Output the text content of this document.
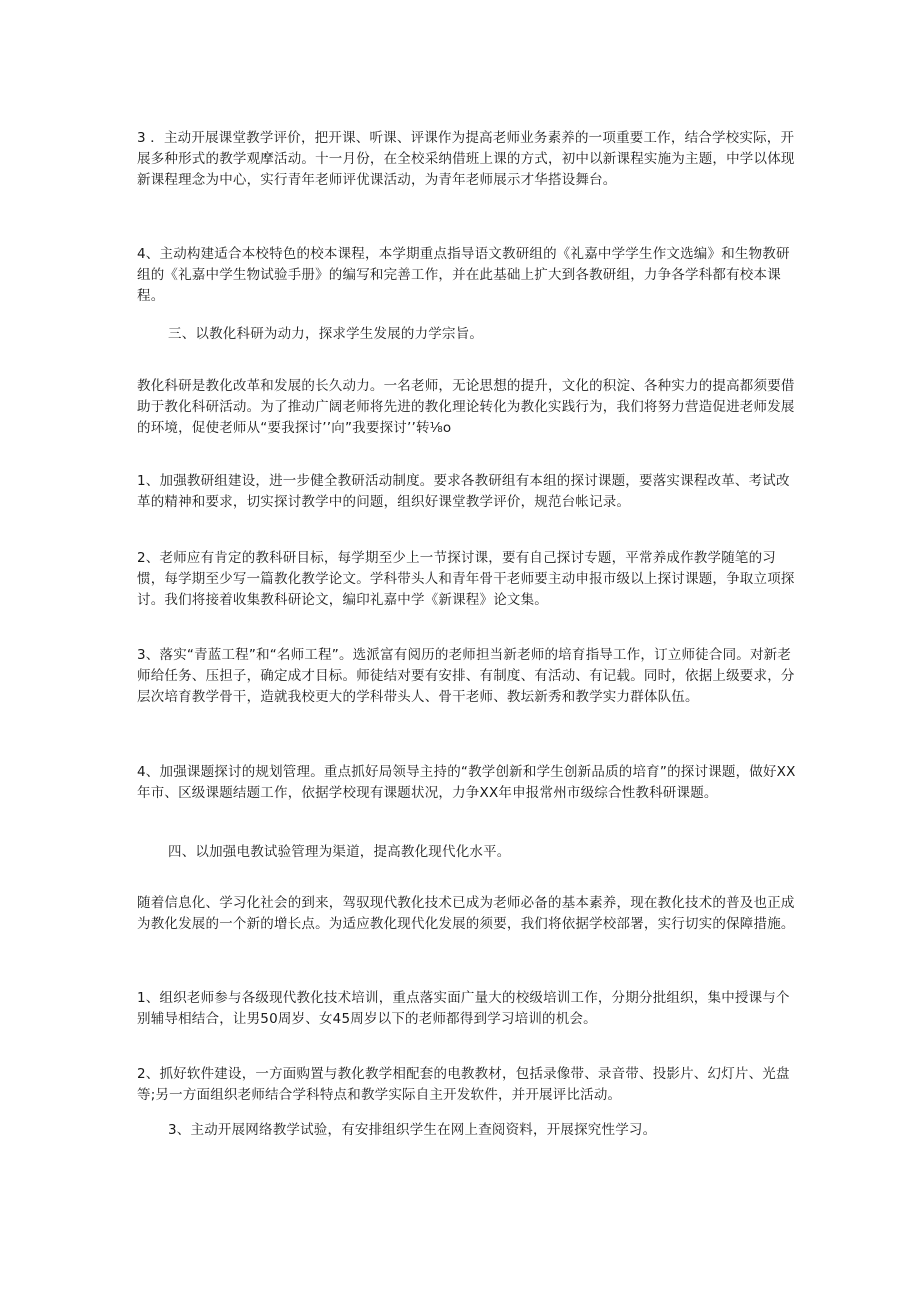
3 ．主动开展课堂教学评价，把开课、听课、评课作为提高老师业务素养的一项重要工作，结合学校实际，开展多种形式的教学观摩活动。十一月份，在全校采纳借班上课的方式，初中以新课程实施为主题，中学以体现新课程理念为中心，实行青年老师评优课活动，为青年老师展示才华搭设舞台。

4、主动构建适合本校特色的校本课程，本学期重点指导语文教研组的《礼嘉中学学生作文选编》和生物教研组的《礼嘉中学生物试验手册》的编写和完善工作，并在此基础上扩大到各教研组，力争各学科都有校本课程。

三、以教化科研为动力，探求学生发展的力学宗旨。

教化科研是教化改革和发展的长久动力。一名老师，无论思想的提升，文化的积淀、各种实力的提高都须要借助于教化科研活动。为了推动广阔老师将先进的教化理论转化为教化实践行为，我们将努力营造促进老师发展的环境，促使老师从“要我探讨’’向”我要探讨’’转⅛o

1、加强教研组建设，进一步健全教研活动制度。要求各教研组有本组的探讨课题，要落实课程改革、考试改革的精神和要求，切实探讨教学中的问题，组织好课堂教学评价，规范台帐记录。

2、老师应有肯定的教科研目标，每学期至少上一节探讨课，要有自己探讨专题，平常养成作教学随笔的习惯，每学期至少写一篇教化教学论文。学科带头人和青年骨干老师要主动申报市级以上探讨课题，争取立项探讨。我们将接着收集教科研论文，编印礼嘉中学《新课程》论文集。

3、落实“青蓝工程”和“名师工程”。选派富有阅历的老师担当新老师的培育指导工作，订立师徒合同。对新老师给任务、压担子，确定成才目标。师徒结对要有安排、有制度、有活动、有记载。同时，依据上级要求，分层次培育教学骨干，造就我校更大的学科带头人、骨干老师、教坛新秀和教学实力群体队伍。

4、加强课题探讨的规划管理。重点抓好局领导主持的“教学创新和学生创新品质的培育”的探讨课题，做好XX年市、区级课题结题工作，依据学校现有课题状况，力争XX年申报常州市级综合性教科研课题。

四、以加强电教试验管理为渠道，提高教化现代化水平。

随着信息化、学习化社会的到来，驾驭现代教化技术已成为老师必备的基本素养，现在教化技术的普及也正成为教化发展的一个新的增长点。为适应教化现代化发展的须要，我们将依据学校部署，实行切实的保障措施。

1、组织老师参与各级现代教化技术培训，重点落实面广量大的校级培训工作，分期分批组织，集中授课与个别辅导相结合，让男50周岁、女45周岁以下的老师都得到学习培训的机会。

2、抓好软件建设，一方面购置与教化教学相配套的电教教材，包括录像带、录音带、投影片、幻灯片、光盘等;另一方面组织老师结合学科特点和教学实际自主开发软件，并开展评比活动。

3、主动开展网络教学试验，有安排组织学生在网上查阅资料，开展探究性学习。
